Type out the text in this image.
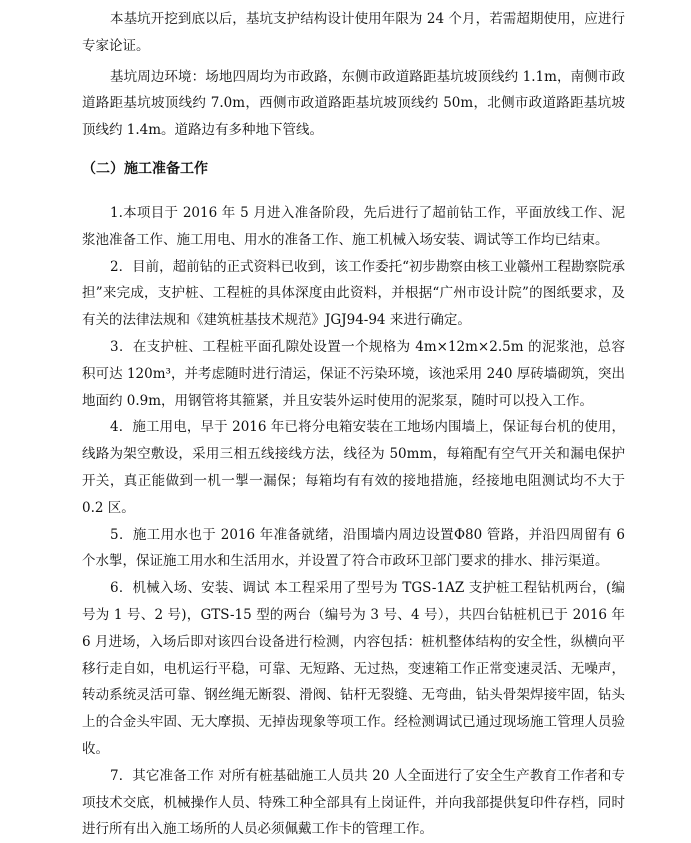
本基坑开挖到底以后，基坑支护结构设计使用年限为 24 个月，若需超期使用，应进行专家论证。

基坑周边环境：场地四周均为市政路，东侧市政道路距基坑坡顶线约 1.1m，南侧市政道路距基坑坡顶线约 7.0m，西侧市政道路距基坑坡顶线约 50m，北侧市政道路距基坑坡顶线约 1.4m。道路边有多种地下管线。

（二）施工准备工作

1.本项目于 2016 年 5 月进入准备阶段，先后进行了超前钻工作，平面放线工作、泥浆池准备工作、施工用电、用水的准备工作、施工机械入场安装、调试等工作均已结束。

2．目前，超前钻的正式资料已收到，该工作委托“初步勘察由核工业赣州工程勘察院承担”来完成，支护桩、工程桩的具体深度由此资料，并根据“广州市设计院”的图纸要求，及有关的法律法规和《建筑桩基技术规范》JGJ94-94 来进行确定。

3．在支护桩、工程桩平面孔隙处设置一个规格为 4m×12m×2.5m 的泥浆池，总容积可达 120m³，并考虑随时进行清运，保证不污染环境，该池采用 240 厚砖墙砌筑，突出地面约 0.9m，用钢管将其箍紧，并且安装外运时使用的泥浆泵，随时可以投入工作。

4．施工用电，早于 2016 年已将分电箱安装在工地场内围墙上，保证每台机的使用，线路为架空敷设，采用三相五线接线方法，线径为 50mm，每箱配有空气开关和漏电保护开关，真正能做到一机一掣一漏保；每箱均有有效的接地措施，经接地电阻测试均不大于 0.2 区。

5．施工用水也于 2016 年准备就绪，沿围墙内周边设置Φ80 管路，并沿四周留有 6 个水掣，保证施工用水和生活用水，并设置了符合市政环卫部门要求的排水、排污渠道。

6．机械入场、安装、调试 本工程采用了型号为 TGS-1AZ 支护桩工程钻机两台，(编号为 1 号、2 号)，GTS-15 型的两台（编号为 3 号、4 号），共四台钻桩机已于 2016 年 6 月进场，入场后即对该四台设备进行检测，内容包括：桩机整体结构的安全性，纵横向平移行走自如，电机运行平稳，可靠、无短路、无过热，变速箱工作正常变速灵活、无噪声，转动系统灵活可靠、钢丝绳无断裂、滑阀、钻杆无裂缝、无弯曲，钻头骨架焊接牢固，钻头上的合金头牢固、无大摩损、无掉齿现象等项工作。经检测调试已通过现场施工管理人员验收。

7．其它准备工作 对所有桩基础施工人员共 20 人全面进行了安全生产教育工作者和专项技术交底，机械操作人员、特殊工种全部具有上岗证件，并向我部提供复印件存档，同时进行所有出入施工场所的人员必须佩戴工作卡的管理工作。
